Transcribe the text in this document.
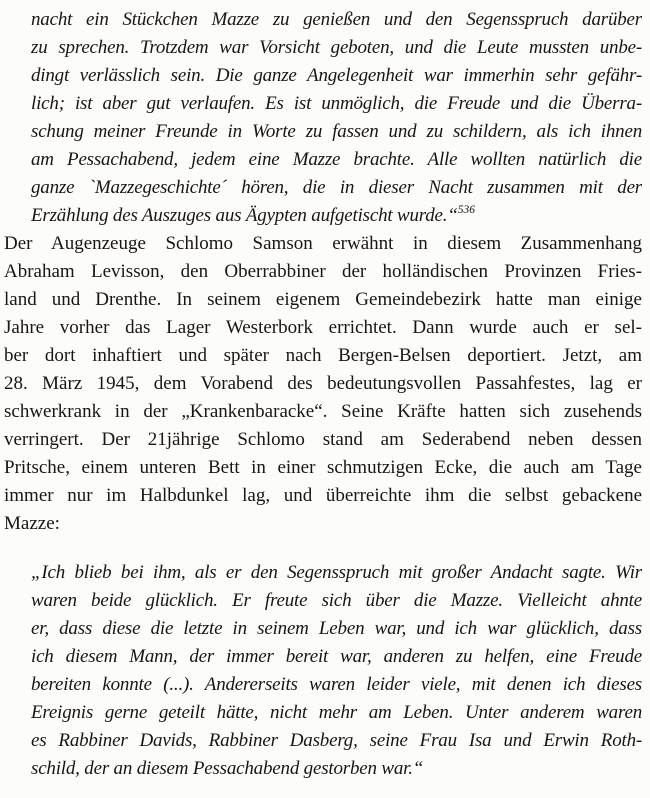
nacht ein Stückchen Mazze zu genießen und den Segensspruch darüber
zu sprechen. Trotzdem war Vorsicht geboten, und die Leute mussten unbe-
dingt verlässlich sein. Die ganze Angelegenheit war immerhin sehr gefähr-
lich; ist aber gut verlaufen. Es ist unmöglich, die Freude und die Überra-
schung meiner Freunde in Worte zu fassen und zu schildern, als ich ihnen
am Pessachabend, jedem eine Mazze brachte. Alle wollten natürlich die
ganze `Mazzegeschichte´ hören, die in dieser Nacht zusammen mit der
Erzählung des Auszuges aus Ägypten aufgetischt wurde.“$^{536}$

Der Augenzeuge Schlomo Samson erwähnt in diesem Zusammenhang
Abraham Levisson, den Oberrabbiner der holländischen Provinzen Fries-
land und Drenthe. In seinem eigenem Gemeindebezirk hatte man einige
Jahre vorher das Lager Westerbork errichtet. Dann wurde auch er sel-
ber dort inhaftiert und später nach Bergen-Belsen deportiert. Jetzt, am
28. März 1945, dem Vorabend des bedeutungsvollen Passahfestes, lag er
schwerkrank in der „Krankenbaracke“. Seine Kräfte hatten sich zusehends
verringert. Der 21jährige Schlomo stand am Sederabend neben dessen
Pritsche, einem unteren Bett in einer schmutzigen Ecke, die auch am Tage
immer nur im Halbdunkel lag, und überreichte ihm die selbst gebackene
Mazze:

„Ich blieb bei ihm, als er den Segensspruch mit großer Andacht sagte. Wir
waren beide glücklich. Er freute sich über die Mazze. Vielleicht ahnte
er, dass diese die letzte in seinem Leben war, und ich war glücklich, dass
ich diesem Mann, der immer bereit war, anderen zu helfen, eine Freude
bereiten konnte (...). Andererseits waren leider viele, mit denen ich dieses
Ereignis gerne geteilt hätte, nicht mehr am Leben. Unter anderem waren
es Rabbiner Davids, Rabbiner Dasberg, seine Frau Isa und Erwin Roth-
schild, der an diesem Pessachabend gestorben war.“
